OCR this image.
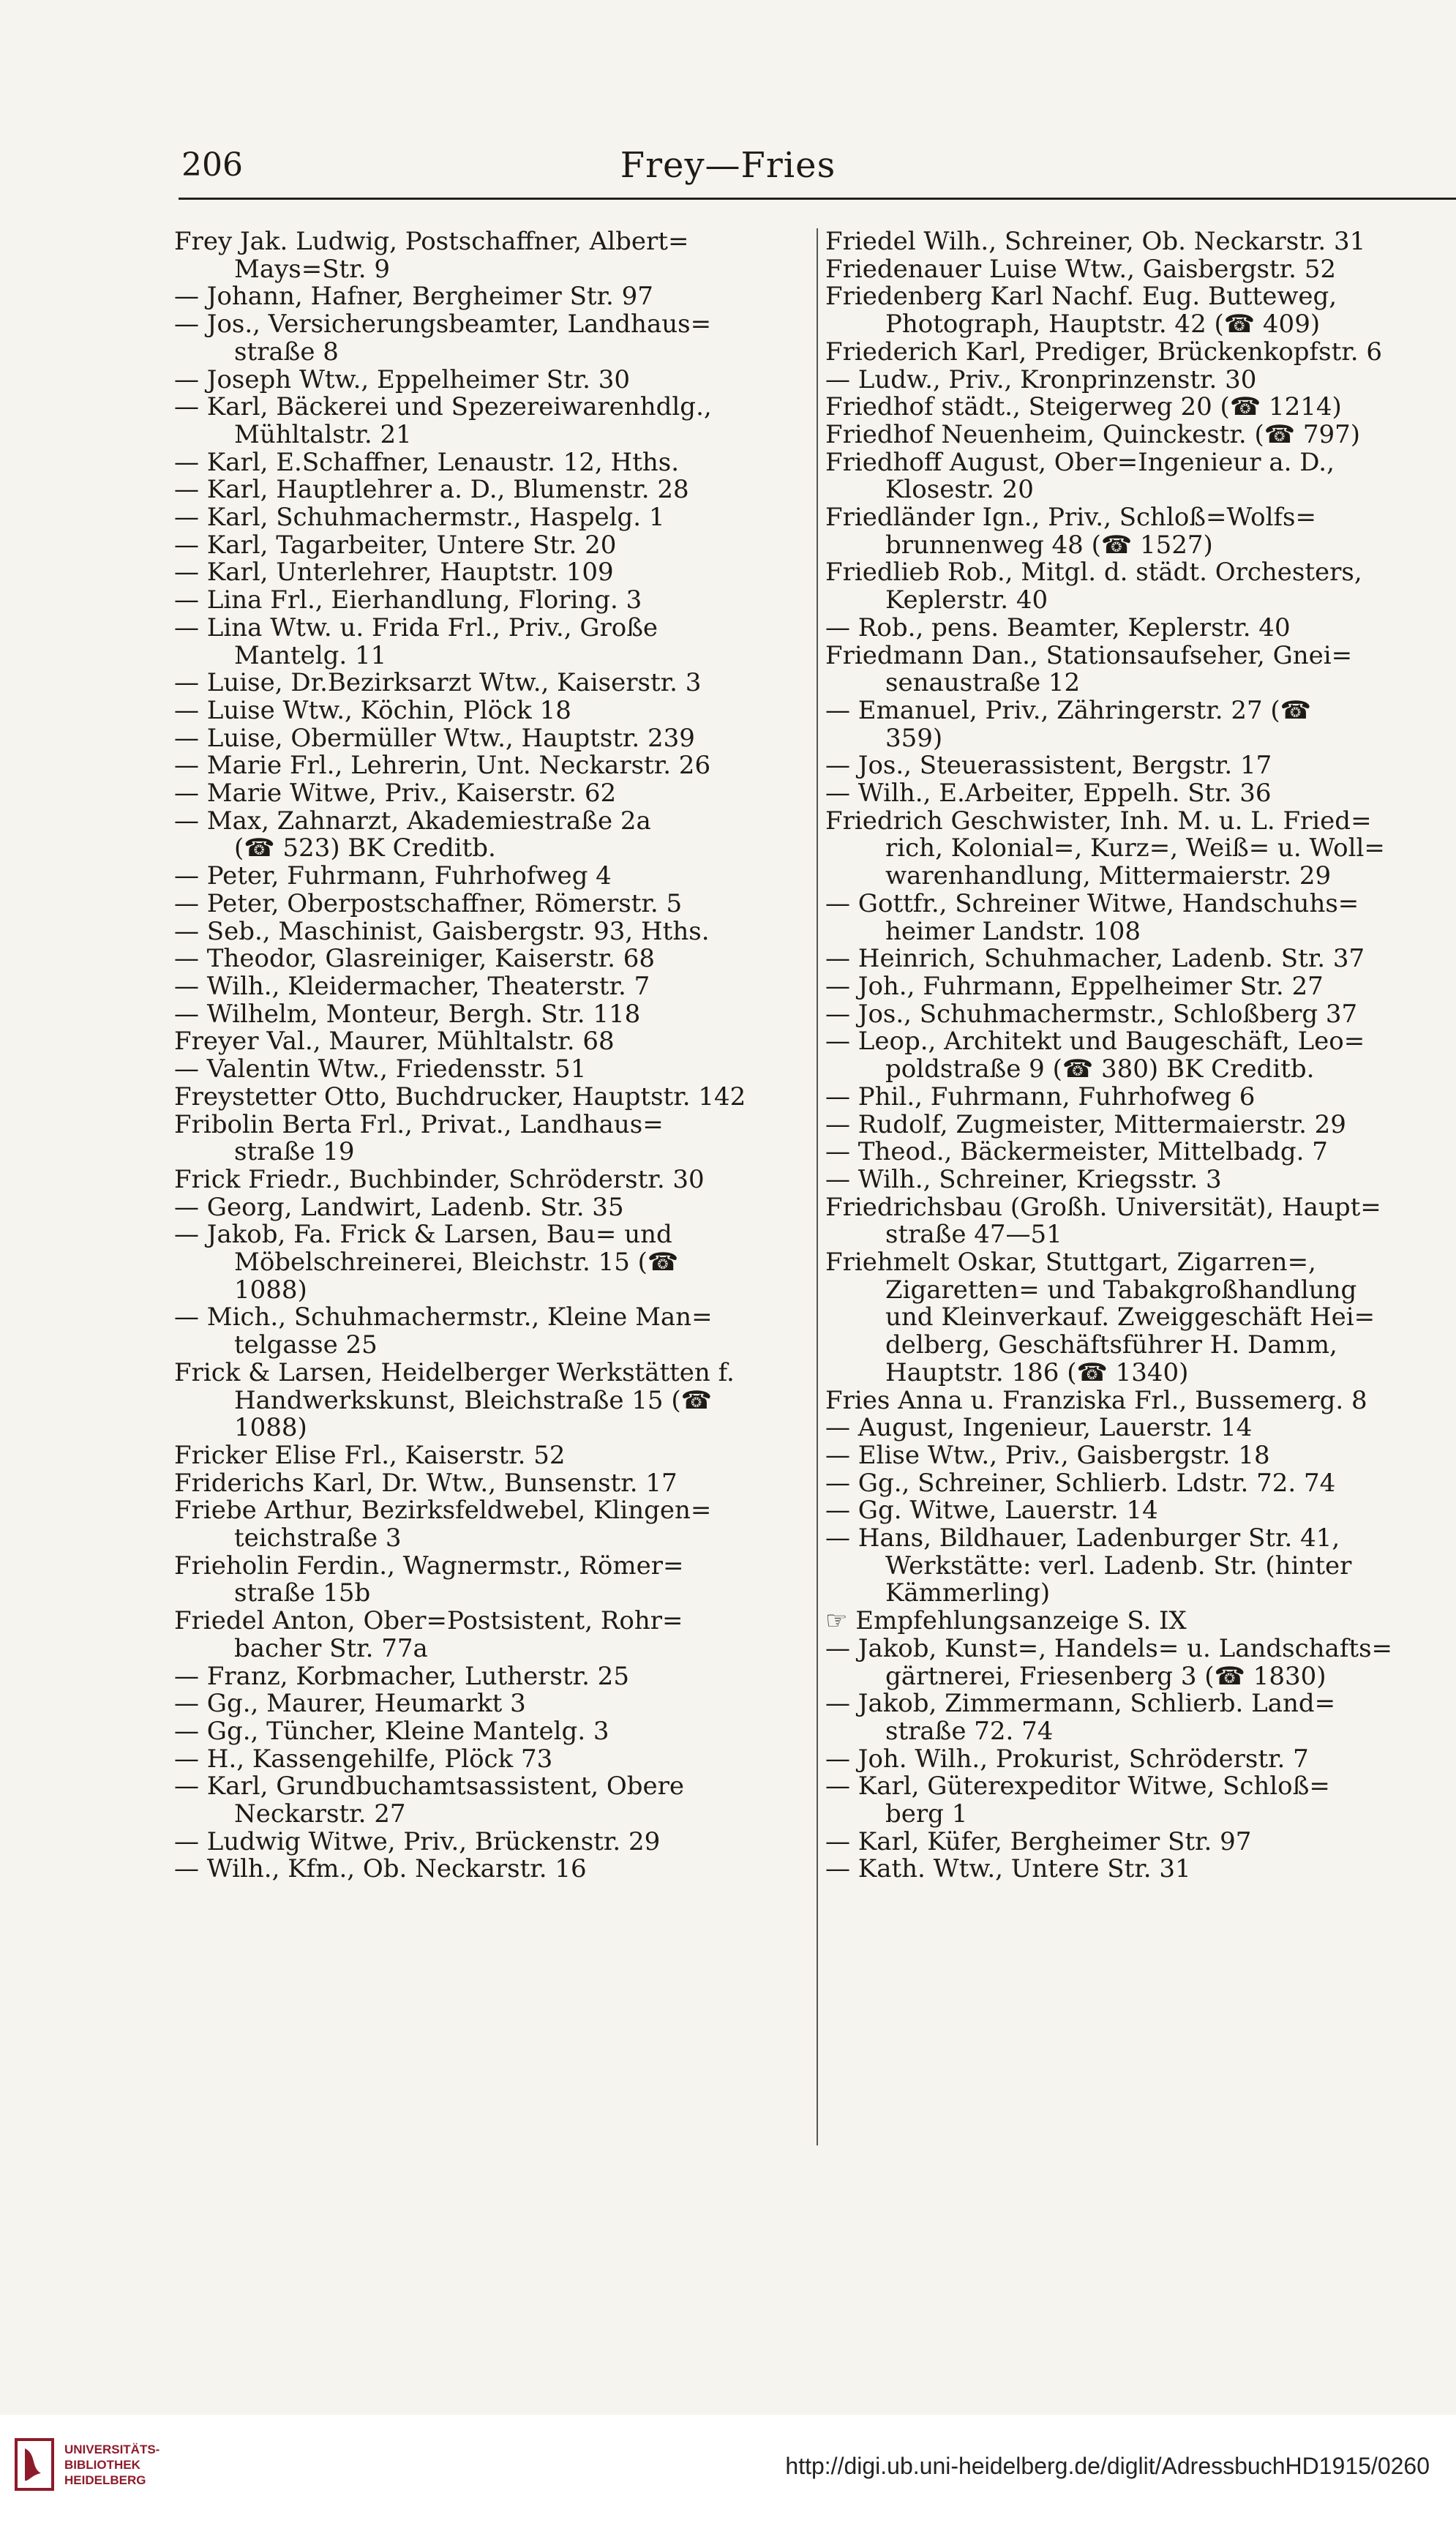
206	Frey—Fries
Frey Jak. Ludwig, Postschaffner, Albert=
Mays=Str. 9
— Johann, Hafner, Bergheimer Str. 97
— Jos., Versicherungsbeamter, Landhaus=
straße 8
— Joseph Wtw., Eppelheimer Str. 30
— Karl, Bäckerei und Spezereiwarenhdlg.,
Mühltalstr. 21
— Karl, E.Schaffner, Lenaustr. 12, Hths.
— Karl, Hauptlehrer a. D., Blumenstr. 28
— Karl, Schuhmachermstr., Haspelg. 1
— Karl, Tagarbeiter, Untere Str. 20
— Karl, Unterlehrer, Hauptstr. 109
— Lina Frl., Eierhandlung, Floring. 3
— Lina Wtw. u. Frida Frl., Priv., Große
Mantelg. 11
— Luise, Dr.Bezirksarzt Wtw., Kaiserstr. 3
— Luise Wtw., Köchin, Plöck 18
— Luise, Obermüller Wtw., Hauptstr. 239
— Marie Frl., Lehrerin, Unt. Neckarstr. 26
— Marie Witwe, Priv., Kaiserstr. 62
— Max, Zahnarzt, Akademiestraße 2a
(☎ 523) BK Creditb.
— Peter, Fuhrmann, Fuhrhofweg 4
— Peter, Oberpostschaffner, Römerstr. 5
— Seb., Maschinist, Gaisbergstr. 93, Hths.
— Theodor, Glasreiniger, Kaiserstr. 68
— Wilh., Kleidermacher, Theaterstr. 7
— Wilhelm, Monteur, Bergh. Str. 118
Freyer Val., Maurer, Mühltalstr. 68
— Valentin Wtw., Friedensstr. 51
Freystetter Otto, Buchdrucker, Hauptstr. 142
Fribolin Berta Frl., Privat., Landhaus=
straße 19
Frick Friedr., Buchbinder, Schröderstr. 30
— Georg, Landwirt, Ladenb. Str. 35
— Jakob, Fa. Frick & Larsen, Bau= und
Möbelschreinerei, Bleichstr. 15 (☎
1088)
— Mich., Schuhmachermstr., Kleine Man=
telgasse 25
Frick & Larsen, Heidelberger Werkstätten f.
Handwerkskunst, Bleichstraße 15 (☎
1088)
Fricker Elise Frl., Kaiserstr. 52
Friderichs Karl, Dr. Wtw., Bunsenstr. 17
Friebe Arthur, Bezirksfeldwebel, Klingen=
teichstraße 3
Frieholin Ferdin., Wagnermstr., Römer=
straße 15b
Friedel Anton, Ober=Postsistent, Rohr=
bacher Str. 77a
— Franz, Korbmacher, Lutherstr. 25
— Gg., Maurer, Heumarkt 3
— Gg., Tüncher, Kleine Mantelg. 3
— H., Kassengehilfe, Plöck 73
— Karl, Grundbuchamtsassistent, Obere
Neckarstr. 27
— Ludwig Witwe, Priv., Brückenstr. 29
— Wilh., Kfm., Ob. Neckarstr. 16
Friedel Wilh., Schreiner, Ob. Neckarstr. 31
Friedenauer Luise Wtw., Gaisbergstr. 52
Friedenberg Karl Nachf. Eug. Butteweg,
Photograph, Hauptstr. 42 (☎ 409)
Friederich Karl, Prediger, Brückenkopfstr. 6
— Ludw., Priv., Kronprinzenstr. 30
Friedhof städt., Steigerweg 20 (☎ 1214)
Friedhof Neuenheim, Quinckestr. (☎ 797)
Friedhoff August, Ober=Ingenieur a. D.,
Klosestr. 20
Friedländer Ign., Priv., Schloß=Wolfs=
brunnenweg 48 (☎ 1527)
Friedlieb Rob., Mitgl. d. städt. Orchesters,
Keplerstr. 40
— Rob., pens. Beamter, Keplerstr. 40
Friedmann Dan., Stationsaufseher, Gnei=
senaustraße 12
— Emanuel, Priv., Zähringerstr. 27 (☎
359)
— Jos., Steuerassistent, Bergstr. 17
— Wilh., E.Arbeiter, Eppelh. Str. 36
Friedrich Geschwister, Inh. M. u. L. Fried=
rich, Kolonial=, Kurz=, Weiß= u. Woll=
warenhandlung, Mittermaierstr. 29
— Gottfr., Schreiner Witwe, Handschuhs=
heimer Landstr. 108
— Heinrich, Schuhmacher, Ladenb. Str. 37
— Joh., Fuhrmann, Eppelheimer Str. 27
— Jos., Schuhmachermstr., Schloßberg 37
— Leop., Architekt und Baugeschäft, Leo=
poldstraße 9 (☎ 380) BK Creditb.
— Phil., Fuhrmann, Fuhrhofweg 6
— Rudolf, Zugmeister, Mittermaierstr. 29
— Theod., Bäckermeister, Mittelbadg. 7
— Wilh., Schreiner, Kriegsstr. 3
Friedrichsbau (Großh. Universität), Haupt=
straße 47—51
Friehmelt Oskar, Stuttgart, Zigarren=,
Zigaretten= und Tabakgroßhandlung
und Kleinverkauf. Zweiggeschäft Hei=
delberg, Geschäftsführer H. Damm,
Hauptstr. 186 (☎ 1340)
Fries Anna u. Franziska Frl., Bussemerg. 8
— August, Ingenieur, Lauerstr. 14
— Elise Wtw., Priv., Gaisbergstr. 18
— Gg., Schreiner, Schlierb. Ldstr. 72. 74
— Gg. Witwe, Lauerstr. 14
— Hans, Bildhauer, Ladenburger Str. 41,
Werkstätte: verl. Ladenb. Str. (hinter
Kämmerling)
☞ Empfehlungsanzeige S. IX
— Jakob, Kunst=, Handels= u. Landschafts=
gärtnerei, Friesenberg 3 (☎ 1830)
— Jakob, Zimmermann, Schlierb. Land=
straße 72. 74
— Joh. Wilh., Prokurist, Schröderstr. 7
— Karl, Güterexpeditor Witwe, Schloß=
berg 1
— Karl, Küfer, Bergheimer Str. 97
— Kath. Wtw., Untere Str. 31
UNIVERSITÄTS-
BIBLIOTHEK
HEIDELBERG
http://digi.ub.uni-heidelberg.de/diglit/AdressbuchHD1915/0260
